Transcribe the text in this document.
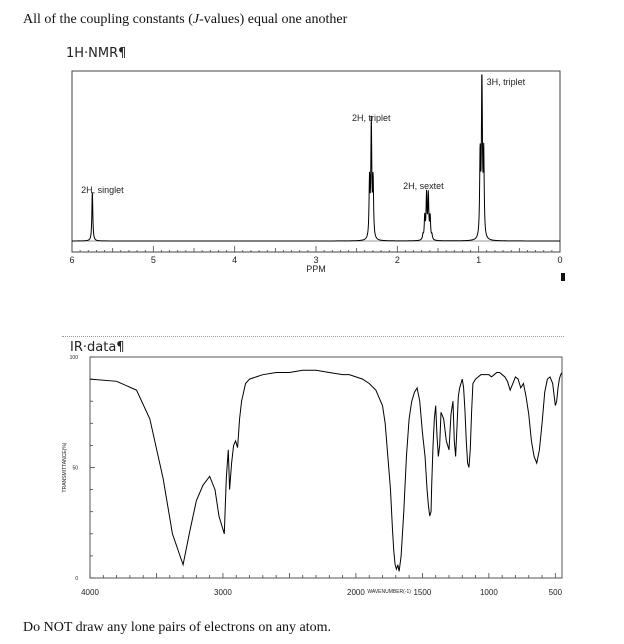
All of the coupling constants (J-values) equal one another
1H·NMR¶
IR·data¶
Do NOT draw any lone pairs of electrons on any atom.
6	5	4	3	2	1	0
PPM
2H, singlet
2H, triplet
2H, sextet
3H, triplet
4000	3000	2000	1500	1000	500
100
50
0
WAVENUMBER(-1)
TRANSMITTANCE(%)
